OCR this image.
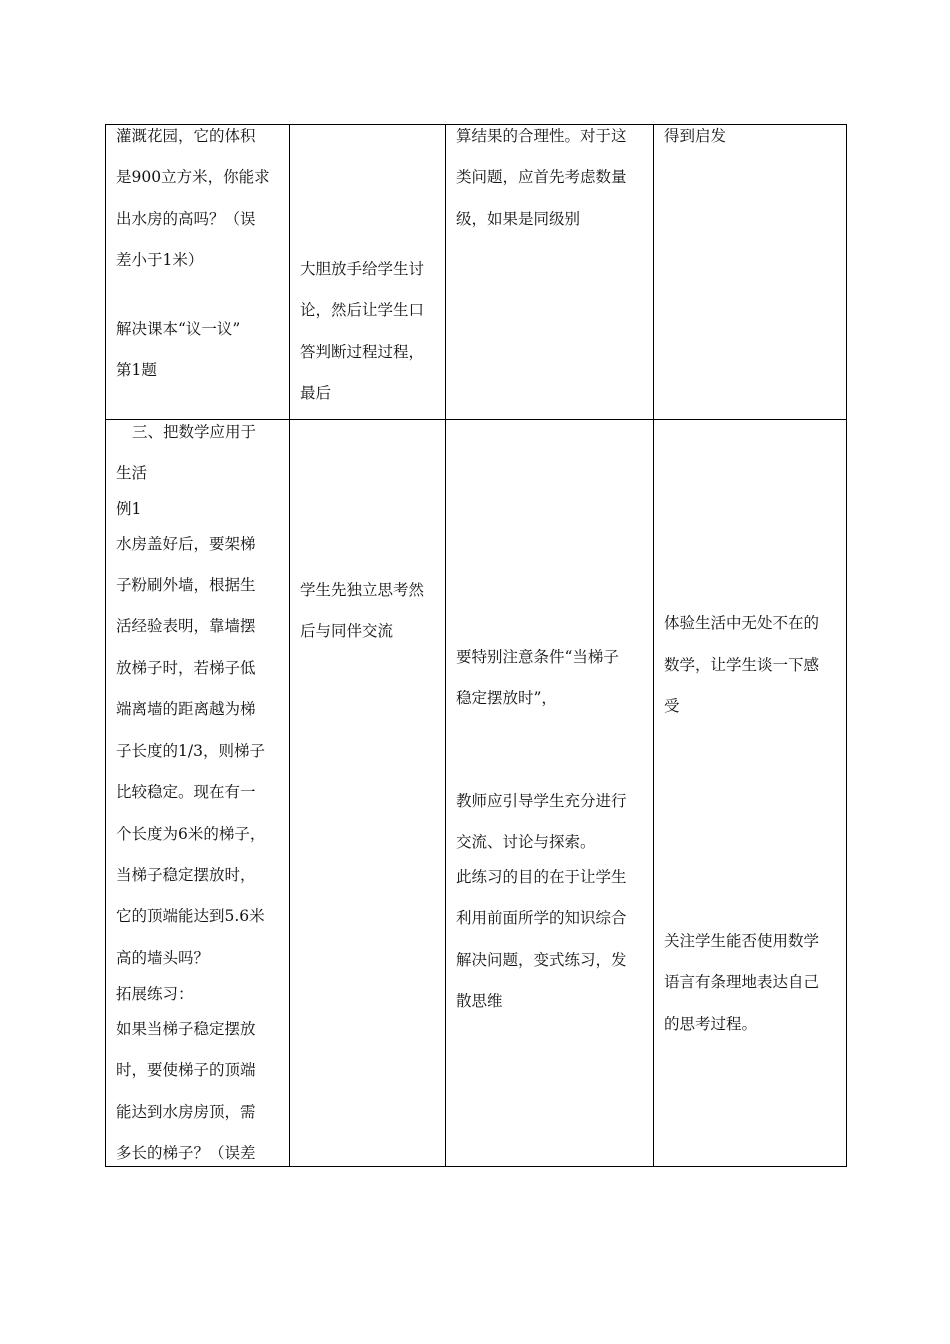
灌溉花园，它的体积
是900立方米，你能求
出水房的高吗？（误
差小于1米）
解决课本“议一议”
第1题
大胆放手给学生讨
论，然后让学生口
答判断过程过程，
最后
算结果的合理性。对于这
类问题，应首先考虑数量
级，如果是同级别
得到启发
三、把数学应用于
生活
例1
水房盖好后，要架梯
子粉刷外墙，根据生
活经验表明，靠墙摆
放梯子时，若梯子低
端离墙的距离越为梯
子长度的1/3，则梯子
比较稳定。现在有一
个长度为6米的梯子，
当梯子稳定摆放时，
它的顶端能达到5.6米
高的墙头吗？
拓展练习：
如果当梯子稳定摆放
时，要使梯子的顶端
能达到水房房顶，需
多长的梯子？（误差
学生先独立思考然
后与同伴交流
要特别注意条件“当梯子
稳定摆放时”，
教师应引导学生充分进行
交流、讨论与探索。
此练习的目的在于让学生
利用前面所学的知识综合
解决问题，变式练习，发
散思维
体验生活中无处不在的
数学，让学生谈一下感
受
关注学生能否使用数学
语言有条理地表达自己
的思考过程。
